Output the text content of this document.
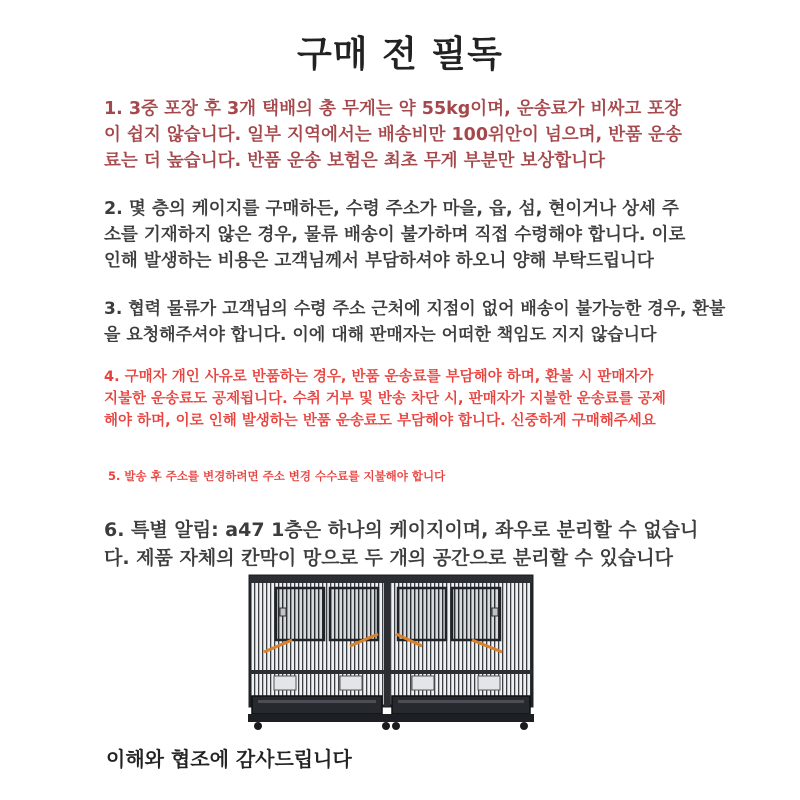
구매 전 필독

1. 3중 포장 후 3개 택배의 총 무게는 약 55kg이며, 운송료가 비싸고 포장
이 쉽지 않습니다. 일부 지역에서는 배송비만 100위안이 넘으며, 반품 운송
료는 더 높습니다. 반품 운송 보험은 최초 무게 부분만 보상합니다

2. 몇 층의 케이지를 구매하든, 수령 주소가 마을, 읍, 섬, 현이거나 상세 주
소를 기재하지 않은 경우, 물류 배송이 불가하며 직접 수령해야 합니다. 이로
인해 발생하는 비용은 고객님께서 부담하셔야 하오니 양해 부탁드립니다

3. 협력 물류가 고객님의 수령 주소 근처에 지점이 없어 배송이 불가능한 경우, 환불
을 요청해주셔야 합니다. 이에 대해 판매자는 어떠한 책임도 지지 않습니다

4. 구매자 개인 사유로 반품하는 경우, 반품 운송료를 부담해야 하며, 환불 시 판매자가
지불한 운송료도 공제됩니다. 수취 거부 및 반송 차단 시, 판매자가 지불한 운송료를 공제
해야 하며, 이로 인해 발생하는 반품 운송료도 부담해야 합니다. 신중하게 구매해주세요

5. 발송 후 주소를 변경하려면 주소 변경 수수료를 지불해야 합니다

6. 특별 알림: a47 1층은 하나의 케이지이며, 좌우로 분리할 수 없습니
다. 제품 자체의 칸막이 망으로 두 개의 공간으로 분리할 수 있습니다

이해와 협조에 감사드립니다
